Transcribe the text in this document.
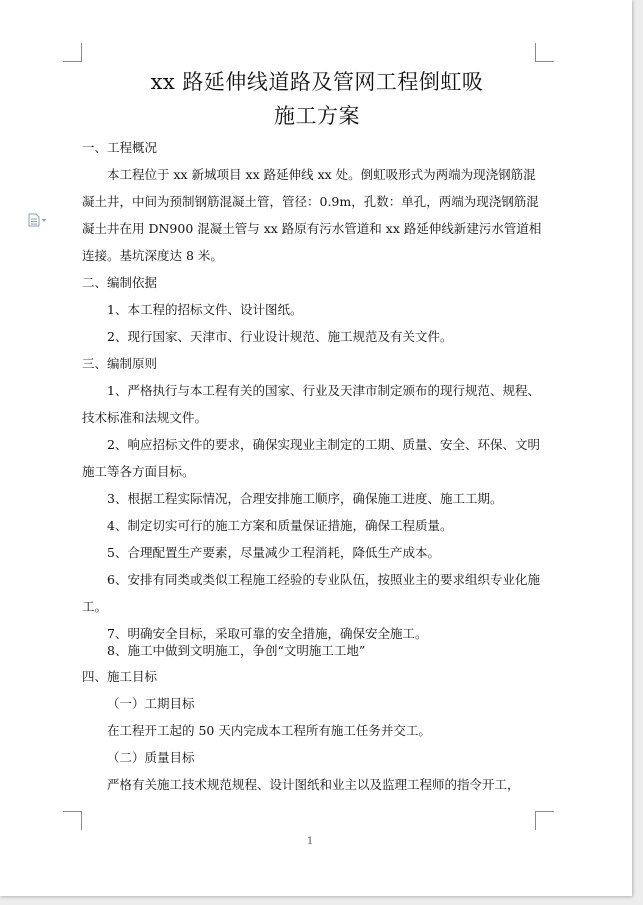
xx 路延伸线道路及管网工程倒虹吸
施工方案

一、工程概况

本工程位于 xx 新城项目 xx 路延伸线 xx 处。倒虹吸形式为两端为现浇钢筋混凝土井，中间为预制钢筋混凝土管，管径：0.9m，孔数：单孔，两端为现浇钢筋混凝土井在用 DN900 混凝土管与 xx 路原有污水管道和 xx 路延伸线新建污水管道相连接。基坑深度达 8 米。

二、编制依据

1、本工程的招标文件、设计图纸。

2、现行国家、天津市、行业设计规范、施工规范及有关文件。

三、编制原则

1、严格执行与本工程有关的国家、行业及天津市制定颁布的现行规范、规程、技术标准和法规文件。

2、响应招标文件的要求，确保实现业主制定的工期、质量、安全、环保、文明施工等各方面目标。

3、根据工程实际情况，合理安排施工顺序，确保施工进度、施工工期。

4、制定切实可行的施工方案和质量保证措施，确保工程质量。

5、合理配置生产要素，尽量减少工程消耗，降低生产成本。

6、安排有同类或类似工程施工经验的专业队伍，按照业主的要求组织专业化施工。

7、明确安全目标，采取可靠的安全措施，确保安全施工。

8、施工中做到文明施工，争创“文明施工工地”

四、施工目标

（一）工期目标

在工程开工起的 50 天内完成本工程所有施工任务并交工。

（二）质量目标

严格有关施工技术规范规程、设计图纸和业主以及监理工程师的指令开工，

1
